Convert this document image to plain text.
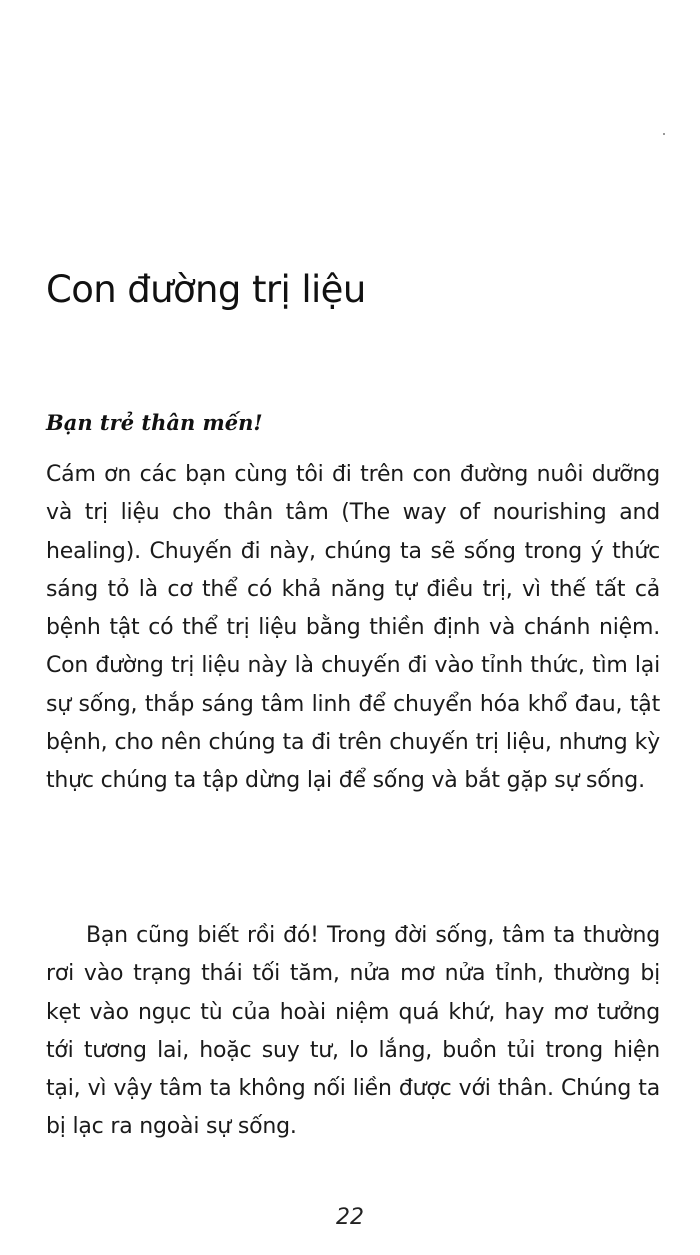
Con đường trị liệu

Bạn trẻ thân mến!

Cám ơn các bạn cùng tôi đi trên con đường nuôi dưỡng và trị liệu cho thân tâm (The way of nourishing and healing). Chuyến đi này, chúng ta sẽ sống trong ý thức sáng tỏ là cơ thể có khả năng tự điều trị, vì thế tất cả bệnh tật có thể trị liệu bằng thiền định và chánh niệm. Con đường trị liệu này là chuyến đi vào tỉnh thức, tìm lại sự sống, thắp sáng tâm linh để chuyển hóa khổ đau, tật bệnh, cho nên chúng ta đi trên chuyến trị liệu, nhưng kỳ thực chúng ta tập dừng lại để sống và bắt gặp sự sống.

Bạn cũng biết rồi đó! Trong đời sống, tâm ta thường rơi vào trạng thái tối tăm, nửa mơ nửa tỉnh, thường bị kẹt vào ngục tù của hoài niệm quá khứ, hay mơ tưởng tới tương lai, hoặc suy tư, lo lắng, buồn tủi trong hiện tại, vì vậy tâm ta không nối liền được với thân. Chúng ta bị lạc ra ngoài sự sống.

22
